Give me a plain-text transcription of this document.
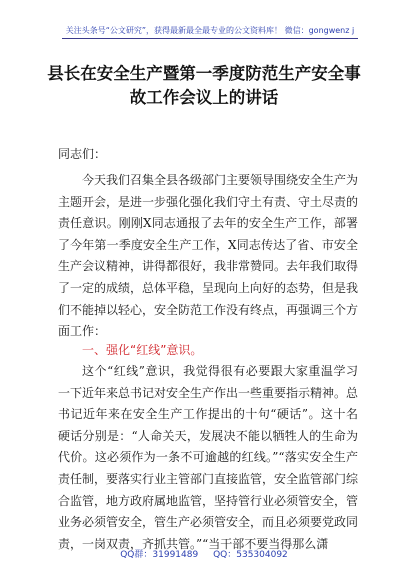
关注头条号“公文研究”，获得最新最全最专业的公文资料库！ 微信：gongwenz j
县长在安全生产暨第一季度防范生产安全事故工作会议上的讲话
同志们：
今天我们召集全县各级部门主要领导围绕安全生产为主题开会，是进一步强化强化我们守土有责、守土尽责的责任意识。刚刚X同志通报了去年的安全生产工作，部署了今年第一季度安全生产工作，X同志传达了省、市安全生产会议精神，讲得都很好，我非常赞同。去年我们取得了一定的成绩，总体平稳，呈现向上向好的态势，但是我们不能掉以轻心，安全防范工作没有终点，再强调三个方面工作：
一、强化“红线”意识。
这个“红线”意识，我觉得很有必要跟大家重温学习一下近年来总书记对安全生产作出一些重要指示精神。总书记近年来在安全生产工作提出的十句“硬话”。这十名硬话分别是：“人命关天，发展决不能以牺牲人的生命为代价。这必须作为一条不可逾越的红线。”“落实安全生产责任制，要落实行业主管部门直接监管，安全监管部门综合监管，地方政府属地监管，坚持管行业必须管安全，管业务必须管安全，管生产必须管安全，而且必须要党政同责，一岗双责，齐抓共管。”“当干部不要当得那么潇
QQ群：31991489 QQ：535304092
